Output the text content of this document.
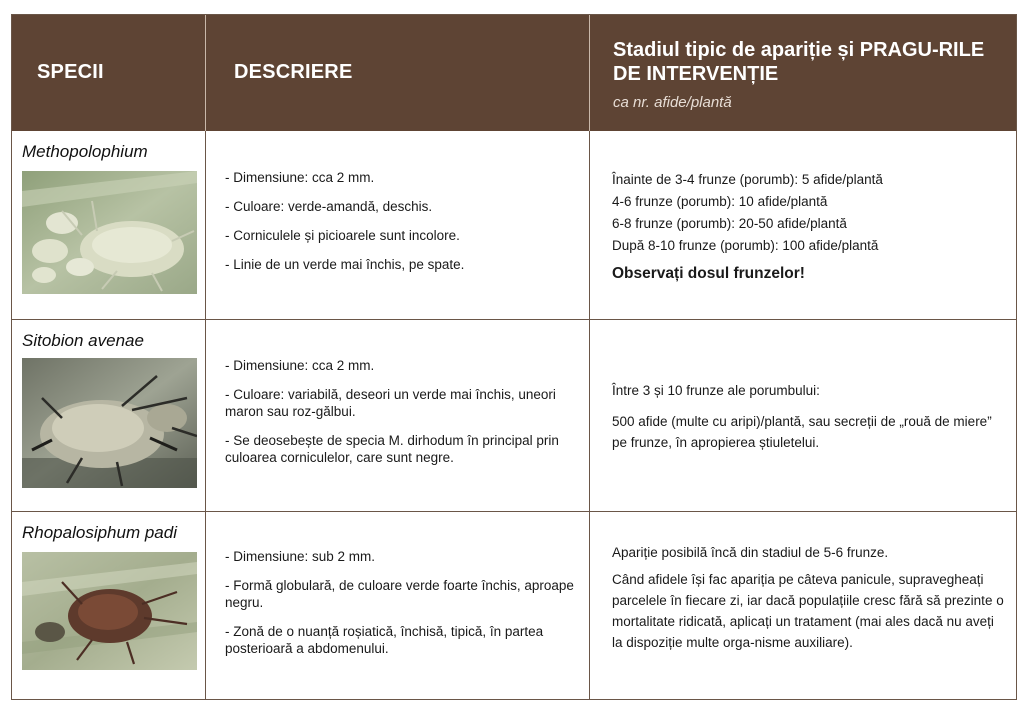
SPECII	DESCRIERE
Stadiul tipic de apariție și PRAGU-RILE DE INTERVENȚIE
ca nr. afide/plantă
Methopolophium
- Dimensiune: cca 2 mm.
- Culoare: verde-amandă, deschis.
- Corniculele și picioarele sunt incolore.
- Linie de un verde mai închis, pe spate.

Înainte de 3-4 frunze (porumb): 5 afide/plantă

4-6 frunze (porumb): 10 afide/plantă

6-8 frunze (porumb): 20-50 afide/plantă

După 8-10 frunze (porumb): 100 afide/plantă

Observați dosul frunzelor!

Sitobion avenae
- Dimensiune: cca 2 mm.
- Culoare: variabilă, deseori un verde mai închis, uneori maron sau roz-gălbui.
- Se deosebește de specia M. dirhodum în principal prin culoarea corniculelor, care sunt negre.

Între 3 și 10 frunze ale porumbului:

500 afide (multe cu aripi)/plantă, sau secreții de „rouă de miere” pe frunze, în apropierea știuletelui.

Rhopalosiphum padi
- Dimensiune: sub 2 mm.
- Formă globulară, de culoare verde foarte închis, aproape negru.
- Zonă de o nuanță roșiatică, închisă, tipică, în partea posterioară a abdomenului.

Apariție posibilă încă din stadiul de 5-6 frunze.

Când afidele își fac apariția pe câteva panicule, supravegheați parcelele în fiecare zi, iar dacă populațiile cresc fără să prezinte o mortalitate ridicată, aplicați un tratament (mai ales dacă nu aveți la dispoziție multe orga-nisme auxiliare).
